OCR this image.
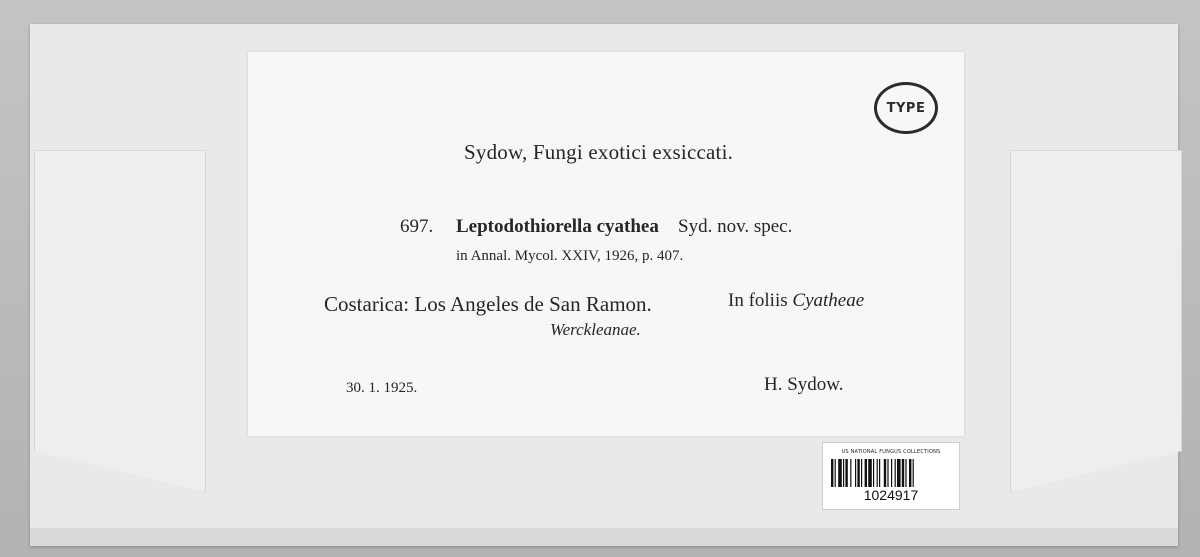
TYPE
Sydow, Fungi exotici exsiccati.
697. Leptodothiorella cyathea Syd. nov. spec.
in Annal. Mycol. XXIV, 1926, p. 407.
Costarica: Los Angeles de San Ramon.	In foliis Cyatheae
Werckleanae.
30. 1. 1925.	H. Sydow.
US NATIONAL FUNGUS COLLECTIONS
1024917
